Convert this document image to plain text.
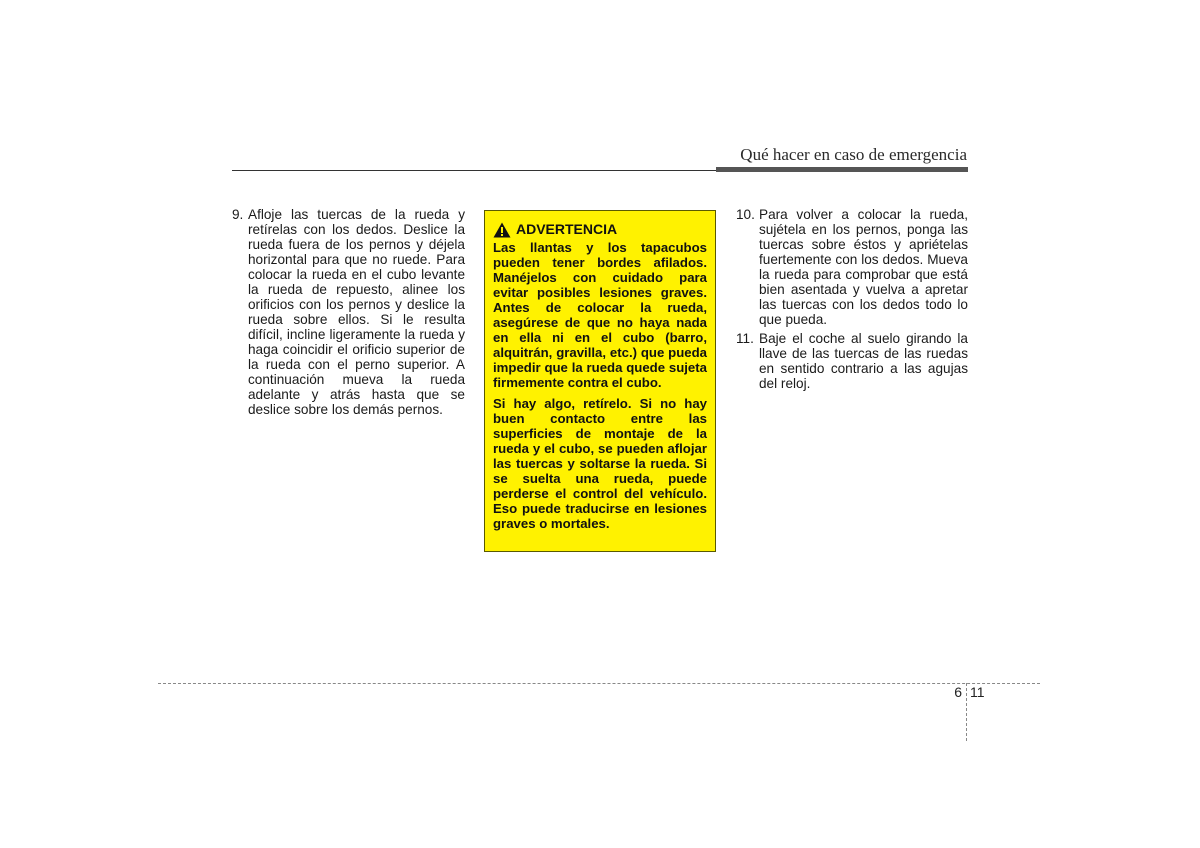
Qué hacer en caso de emergencia
9. Afloje las tuercas de la rueda y retírelas con los dedos. Deslice la rueda fuera de los pernos y déjela horizontal para que no ruede. Para colocar la rueda en el cubo levante la rueda de repuesto, alinee los orificios con los pernos y deslice la rueda sobre ellos. Si le resulta difícil, incline ligeramente la rueda y haga coincidir el orificio superior de la rueda con el perno superior. A continuación mueva la rueda adelante y atrás hasta que se deslice sobre los demás pernos.
ADVERTENCIA

Las llantas y los tapacubos pueden tener bordes afilados. Manéjelos con cuidado para evitar posibles lesiones graves. Antes de colocar la rueda, asegúrese de que no haya nada en ella ni en el cubo (barro, alquitrán, gravilla, etc.) que pueda impedir que la rueda quede sujeta firmemente contra el cubo.

Si hay algo, retírelo. Si no hay buen contacto entre las superficies de montaje de la rueda y el cubo, se pueden aflojar las tuercas y soltarse la rueda. Si se suelta una rueda, puede perderse el control del vehículo. Eso puede traducirse en lesiones graves o mortales.

10. Para volver a colocar la rueda, sujétela en los pernos, ponga las tuercas sobre éstos y apriételas fuertemente con los dedos. Mueva la rueda para comprobar que está bien asentada y vuelva a apretar las tuercas con los dedos todo lo que pueda.
11. Baje el coche al suelo girando la llave de las tuercas de las ruedas en sentido contrario a las agujas del reloj.
6 11
